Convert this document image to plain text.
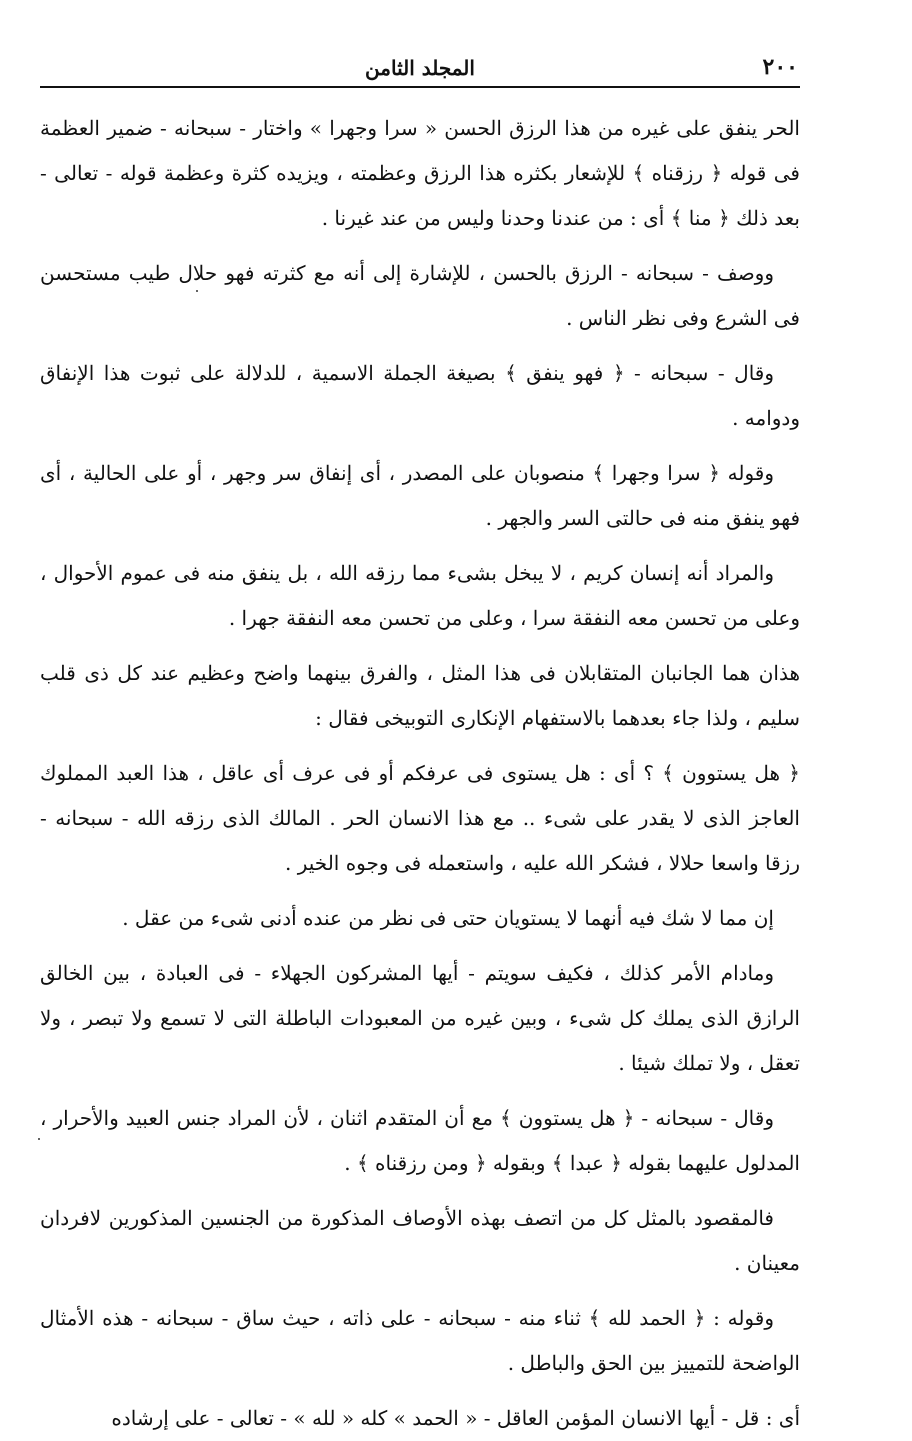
٢٠٠
المجلد الثامن

الحر ينفق على غيره من هذا الرزق الحسن « سرا وجهرا » واختار - سبحانه - ضمير العظمة فى قوله ﴿ رزقناه ﴾ للإشعار بكثره هذا الرزق وعظمته ، ويزيده كثرة وعظمة قوله - تعالى - بعد ذلك ﴿ منا ﴾ أى : من عندنا وحدنا وليس من عند غيرنا .

ووصف - سبحانه - الرزق بالحسن ، للإشارة إلى أنه مع كثرته فهو حلال طيب مستحسن فى الشرع وفى نظر الناس .

وقال - سبحانه - ﴿ فهو ينفق ﴾ بصيغة الجملة الاسمية ، للدلالة على ثبوت هذا الإنفاق ودوامه .

وقوله ﴿ سرا وجهرا ﴾ منصوبان على المصدر ، أى إنفاق سر وجهر ، أو على الحالية ، أى فهو ينفق منه فى حالتى السر والجهر .

والمراد أنه إنسان كريم ، لا يبخل بشىء مما رزقه الله ، بل ينفق منه فى عموم الأحوال ، وعلى من تحسن معه النفقة سرا ، وعلى من تحسن معه النفقة جهرا .

هذان هما الجانبان المتقابلان فى هذا المثل ، والفرق بينهما واضح وعظيم عند كل ذى قلب سليم ، ولذا جاء بعدهما بالاستفهام الإنكارى التوبيخى فقال :

﴿ هل يستوون ﴾ ؟ أى : هل يستوى فى عرفكم أو فى عرف أى عاقل ، هذا العبد المملوك العاجز الذى لا يقدر على شىء .. مع هذا الانسان الحر . المالك الذى رزقه الله - سبحانه - رزقا واسعا حلالا ، فشكر الله عليه ، واستعمله فى وجوه الخير .

إن مما لا شك فيه أنهما لا يستويان حتى فى نظر من عنده أدنى شىء من عقل .

ومادام الأمر كذلك ، فكيف سويتم - أيها المشركون الجهلاء - فى العبادة ، بين الخالق الرازق الذى يملك كل شىء ، وبين غيره من المعبودات الباطلة التى لا تسمع ولا تبصر ، ولا تعقل ، ولا تملك شيئا .

وقال - سبحانه - ﴿ هل يستوون ﴾ مع أن المتقدم اثنان ، لأن المراد جنس العبيد والأحرار ، المدلول عليهما بقوله ﴿ عبدا ﴾ وبقوله ﴿ ومن رزقناه ﴾ .

فالمقصود بالمثل كل من اتصف بهذه الأوصاف المذكورة من الجنسين المذكورين لافردان معينان .

وقوله : ﴿ الحمد لله ﴾ ثناء منه - سبحانه - على ذاته ، حيث ساق - سبحانه - هذه الأمثال الواضحة للتمييز بين الحق والباطل .

أى : قل - أيها الانسان المؤمن العاقل - « الحمد » كله « لله » - تعالى - على إرشاده
